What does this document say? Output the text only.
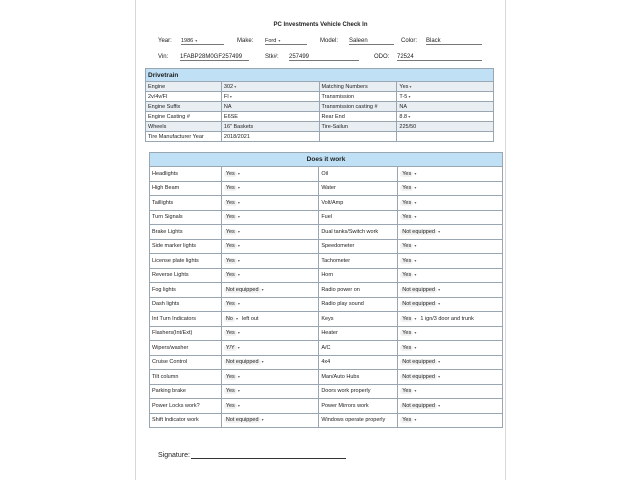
PC Investments Vehicle Check In
Year: 1986 ▾	Make: Ford ▾	Model: Saleen	Color: Black
Vin: 1FABP28M0GF257499	Stk#: 257499	ODO: 72524
Drivetrain			
Engine	302 ▾	Matching Numbers	Yes ▾
2v/4v/FI	FI ▾	Transmission	T-5 ▾
Engine Suffix	NA	Transmission casting #	NA
Engine Casting #	E6SE	Rear End	8.8 ▾
Wheels	16" Baskets	Tire-Sailun	225/50
Tire Manufacturer Year	2018/2021		
Does it work			
Headlights	Yes ▾	Oil	Yes ▾
High Beam	Yes ▾	Water	Yes ▾
Taillights	Yes ▾	Volt/Amp	Yes ▾
Turn Signals	Yes ▾	Fuel	Yes ▾
Brake Lights	Yes ▾	Dual tanks/Switch work	Not equipped ▾
Side marker lights	Yes ▾	Speedometer	Yes ▾
License plate lights	Yes ▾	Tachometer	Yes ▾
Reverse Lights	Yes ▾	Horn	Yes ▾
Fog lights	Not equipped ▾	Radio power on	Not equipped ▾
Dash lights	Yes ▾	Radio play sound	Not equipped ▾
Int Turn Indicators	No ▾ left out	Keys	Yes ▾ 1 ign/3 door and trunk
Flashers(Int/Ext)	Yes ▾	Heater	Yes ▾
Wipers/washer	Y/Y ▾	A/C	Yes ▾
Cruise Control	Not equipped ▾	4x4	Not equipped ▾
Tilt column	Yes ▾	Man/Auto Hubs	Not equipped ▾
Parking brake	Yes ▾	Doors work properly	Yes ▾
Power Locks work?	Yes ▾	Power Mirrors work	Not equipped ▾
Shift Indicator work	Not equipped ▾	Windows operate properly	Yes ▾
Signature:
